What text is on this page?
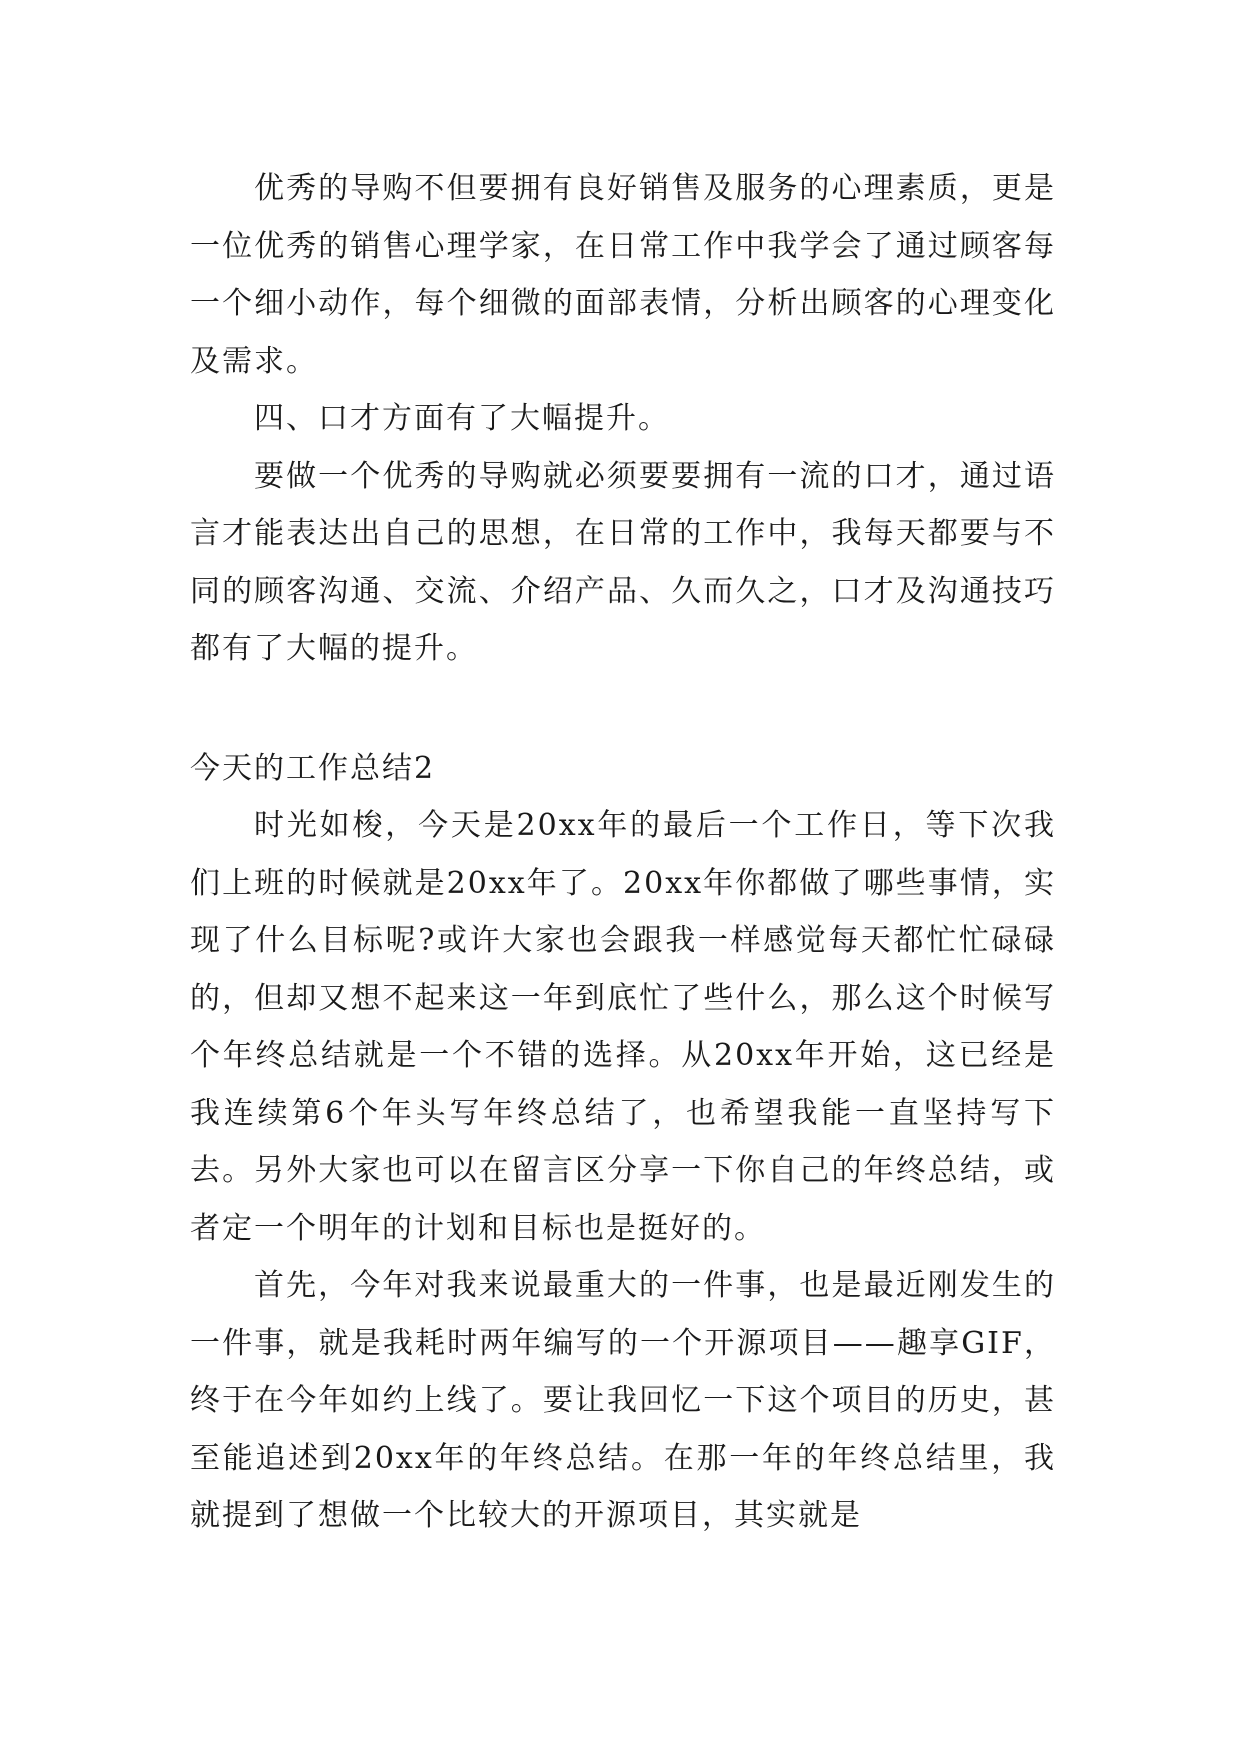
优秀的导购不但要拥有良好销售及服务的心理素质，更是一位优秀的销售心理学家，在日常工作中我学会了通过顾客每一个细小动作，每个细微的面部表情，分析出顾客的心理变化及需求。

四、口才方面有了大幅提升。

要做一个优秀的导购就必须要要拥有一流的口才，通过语言才能表达出自己的思想，在日常的工作中，我每天都要与不同的顾客沟通、交流、介绍产品、久而久之，口才及沟通技巧都有了大幅的提升。

今天的工作总结2

时光如梭，今天是20xx年的最后一个工作日，等下次我们上班的时候就是20xx年了。20xx年你都做了哪些事情，实现了什么目标呢?或许大家也会跟我一样感觉每天都忙忙碌碌的，但却又想不起来这一年到底忙了些什么，那么这个时候写个年终总结就是一个不错的选择。从20xx年开始，这已经是我连续第6个年头写年终总结了，也希望我能一直坚持写下去。另外大家也可以在留言区分享一下你自己的年终总结，或者定一个明年的计划和目标也是挺好的。

首先，今年对我来说最重大的一件事，也是最近刚发生的一件事，就是我耗时两年编写的一个开源项目——趣享GIF，终于在今年如约上线了。要让我回忆一下这个项目的历史，甚至能追述到20xx年的年终总结。在那一年的年终总结里，我就提到了想做一个比较大的开源项目，其实就是
